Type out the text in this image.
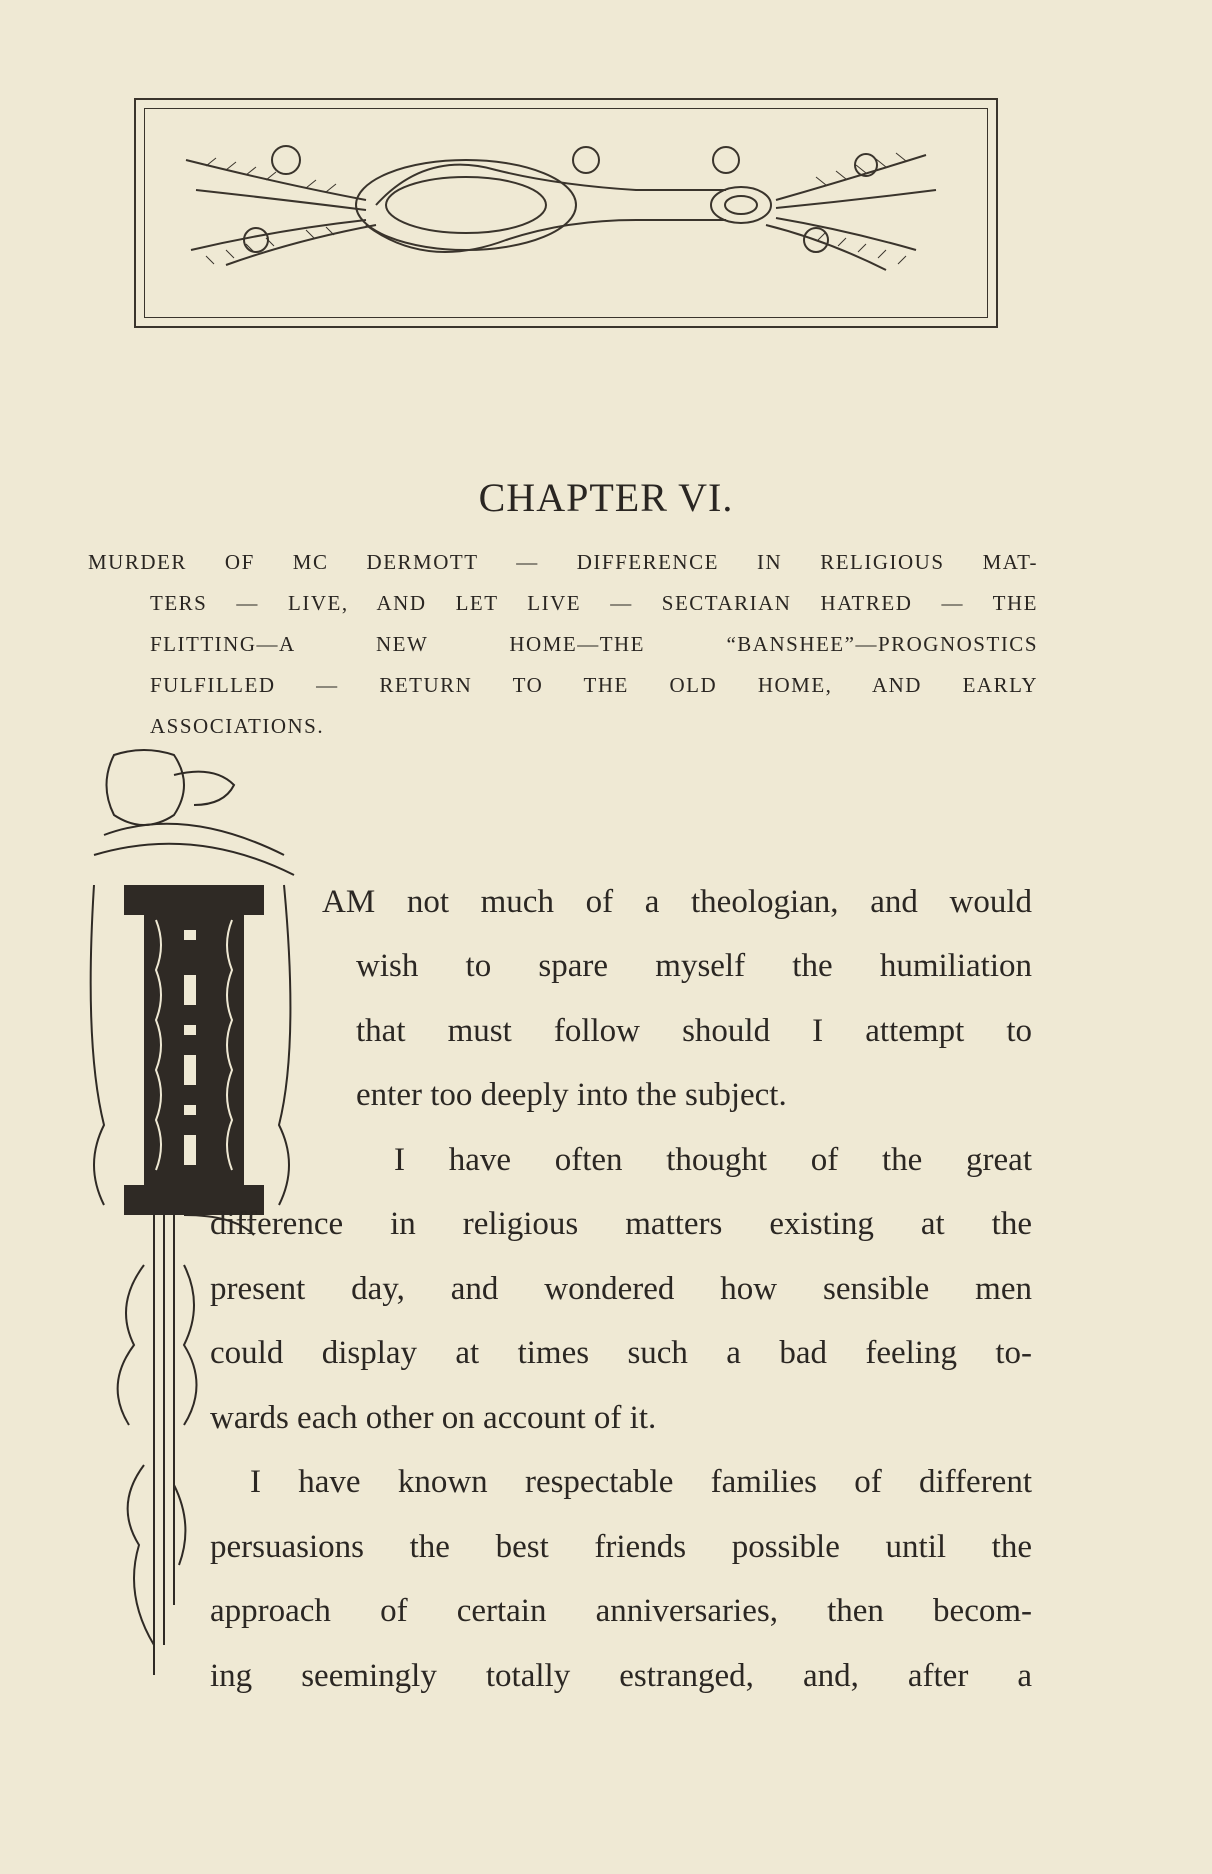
CHAPTER VI.
MURDER OF MC DERMOTT — DIFFERENCE IN RELIGIOUS MAT-
TERS — LIVE, AND LET LIVE — SECTARIAN HATRED — THE
FLITTING—A NEW HOME—THE “BANSHEE”—PROGNOSTICS
FULFILLED — RETURN TO THE OLD HOME, AND EARLY
ASSOCIATIONS.
AM not much of a theologian, and would
wish to spare myself the humiliation
that must follow should I attempt to
enter too deeply into the subject.
I have often thought of the great
difference in religious matters existing at the
present day, and wondered how sensible men
could display at times such a bad feeling to-
wards each other on account of it.
I have known respectable families of different
persuasions the best friends possible until the
approach of certain anniversaries, then becom-
ing seemingly totally estranged, and, after a
